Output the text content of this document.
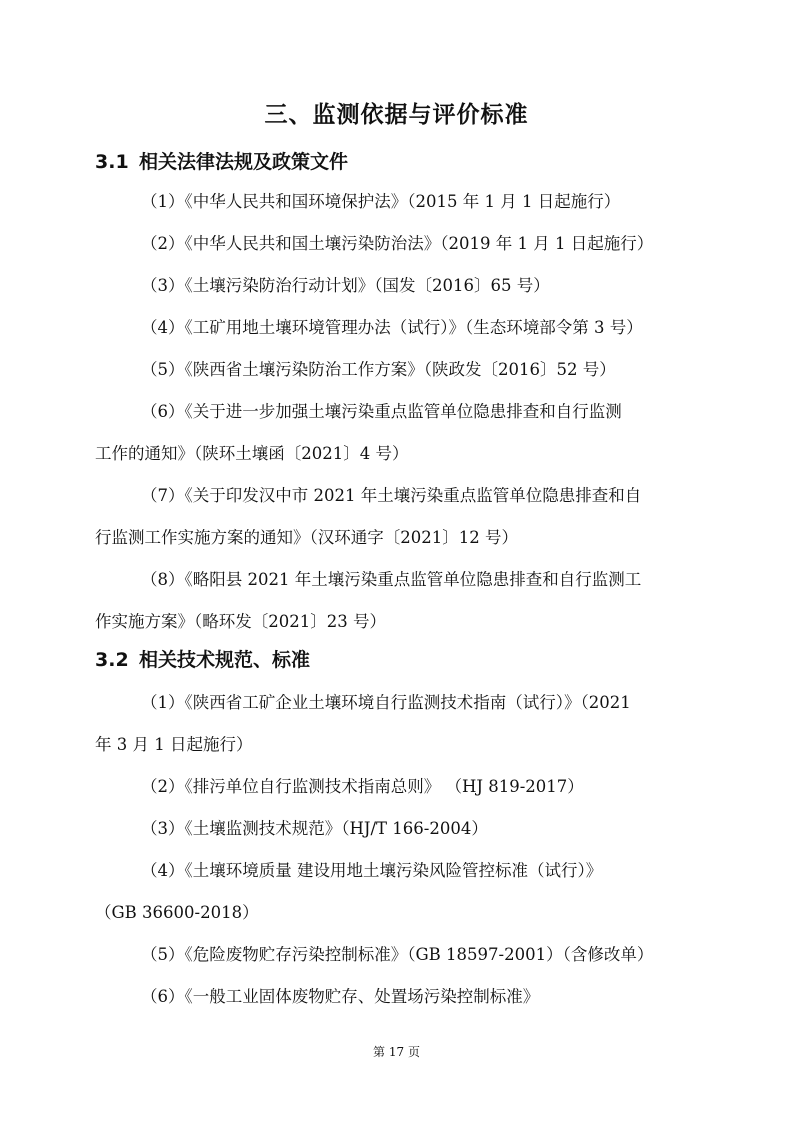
三、监测依据与评价标准
3.1 相关法律法规及政策文件
（1）《中华人民共和国环境保护法》（2015 年 1 月 1 日起施行）
（2）《中华人民共和国土壤污染防治法》（2019 年 1 月 1 日起施行）
（3）《土壤污染防治行动计划》（国发〔2016〕65 号）
（4）《工矿用地土壤环境管理办法（试行）》（生态环境部令第 3 号）
（5）《陕西省土壤污染防治工作方案》（陕政发〔2016〕52 号）
（6）《关于进一步加强土壤污染重点监管单位隐患排查和自行监测
工作的通知》（陕环土壤函〔2021〕4 号）
（7）《关于印发汉中市 2021 年土壤污染重点监管单位隐患排查和自
行监测工作实施方案的通知》（汉环通字〔2021〕12 号）
（8）《略阳县 2021 年土壤污染重点监管单位隐患排查和自行监测工
作实施方案》（略环发〔2021〕23 号）
3.2 相关技术规范、标准
（1）《陕西省工矿企业土壤环境自行监测技术指南（试行）》（2021
年 3 月 1 日起施行）
（2）《排污单位自行监测技术指南总则》 （HJ 819-2017）
（3）《土壤监测技术规范》（HJ/T 166-2004）
（4）《土壤环境质量 建设用地土壤污染风险管控标准（试行）》
（GB 36600-2018）
（5）《危险废物贮存污染控制标准》（GB 18597-2001）（含修改单）
（6）《一般工业固体废物贮存、处置场污染控制标准》
第 17 页
